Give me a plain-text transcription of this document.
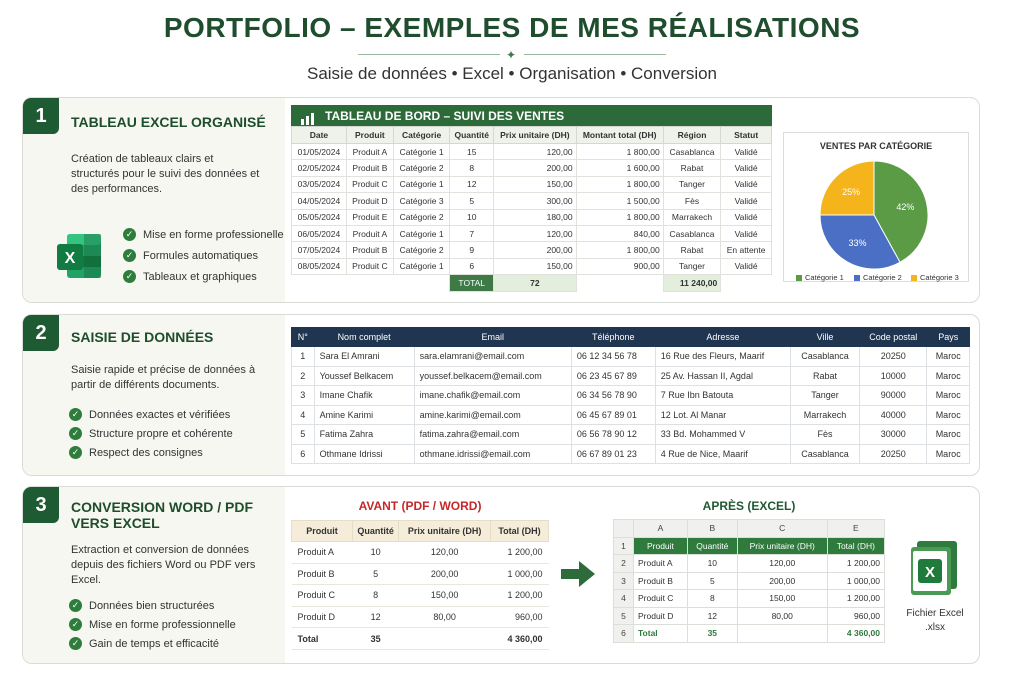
PORTFOLIO – EXEMPLES DE MES RÉALISATIONS
✦
Saisie de données • Excel • Organisation • Conversion
1	TABLEAU EXCEL ORGANISÉ
Création de tableaux clairs et structurés pour le suivi des données et des performances.
X
✓ Mise en forme professionelle
✓ Formules automatiques
✓ Tableaux et graphiques
TABLEAU DE BORD – SUIVI DES VENTES
Date	Produit	Catégorie	Quantité	Prix unitaire (DH)	Montant total (DH)	Région	Statut
01/05/2024	Produit A	Catégorie 1	15	120,00	1 800,00	Casablanca	Validé
02/05/2024	Produit B	Catégorie 2	8	200,00	1 600,00	Rabat	Validé
03/05/2024	Produit C	Catégorie 1	12	150,00	1 800,00	Tanger	Validé
04/05/2024	Produit D	Catégorie 3	5	300,00	1 500,00	Fès	Validé
05/05/2024	Produit E	Catégorie 2	10	180,00	1 800,00	Marrakech	Validé
06/05/2024	Produit A	Catégorie 1	7	120,00	840,00	Casablanca	Validé
07/05/2024	Produit B	Catégorie 2	9	200,00	1 800,00	Rabat	En attente
08/05/2024	Produit C	Catégorie 1	6	150,00	900,00	Tanger	Validé
			TOTAL	72		11 240,00	
VENTES PAR CATÉGORIE
42%
33%
25%
Catégorie 1	Catégorie 2 Catégorie 3
2	SAISIE DE DONNÉES
Saisie rapide et précise de données à partir de différents documents.
✓ Données exactes et vérifiées
✓ Structure propre et cohérente
✓ Respect des consignes
N°	Nom complet	Email	Téléphone	Adresse	Ville	Code postal	Pays
1	Sara El Amrani	sara.elamrani@email.com	06 12 34 56 78	16 Rue des Fleurs, Maarif	Casablanca	20250	Maroc
2	Youssef Belkacem	youssef.belkacem@email.com	06 23 45 67 89	25 Av. Hassan II, Agdal	Rabat	10000	Maroc
3	Imane Chafik	imane.chafik@email.com	06 34 56 78 90	7 Rue Ibn Batouta	Tanger	90000	Maroc
4	Amine Karimi	amine.karimi@email.com	06 45 67 89 01	12 Lot. Al Manar	Marrakech	40000	Maroc
5	Fatima Zahra	fatima.zahra@email.com	06 56 78 90 12	33 Bd. Mohammed V	Fès	30000	Maroc
6	Othmane Idrissi	othmane.idrissi@email.com	06 67 89 01 23	4 Rue de Nice, Maarif	Casablanca	20250	Maroc
3	CONVERSION WORD / PDF
VERS EXCEL
Extraction et conversion de données depuis des fichiers Word ou PDF vers Excel.
✓ Données bien structurées
✓ Mise en forme professionnelle
✓ Gain de temps et efficacité
AVANT (PDF / WORD)
Produit	Quantité	Prix unitaire (DH)	Total (DH)
Produit A	10	120,00	1 200,00
Produit B	5	200,00	1 000,00
Produit C	8	150,00	1 200,00
Produit D	12	80,00	960,00
Total	35		4 360,00
APRÈS (EXCEL)
	A	B	C	E
1	Produit	Quantité	Prix unitaire (DH)	Total (DH)
2	Produit A	10	120,00	1 200,00
3	Produit B	5	200,00	1 000,00
4	Produit C	8	150,00	1 200,00
5	Produit D	12	80,00	960,00
6	Total	35		4 360,00
X
Fichier Excel
.xlsx
